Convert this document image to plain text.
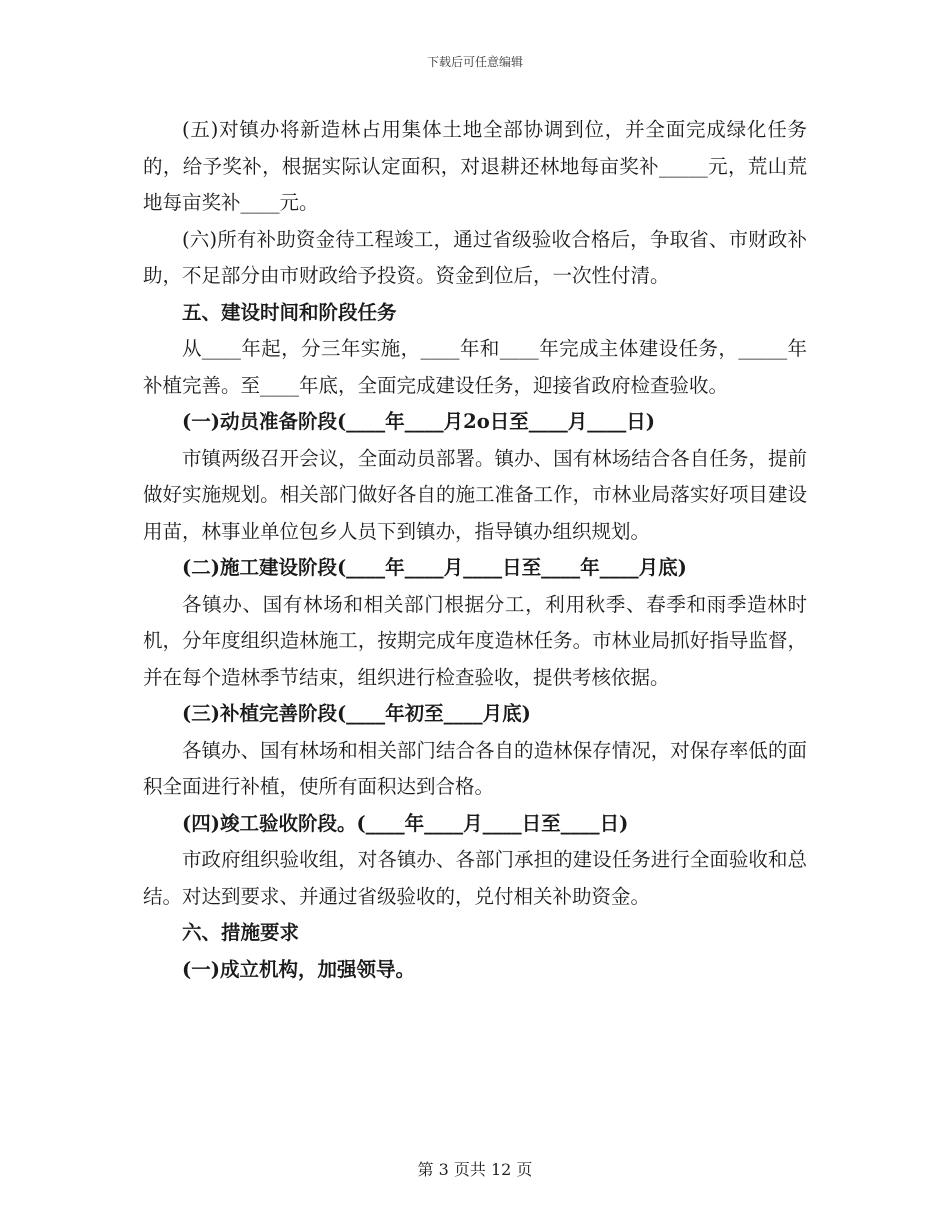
下载后可任意编辑

(五)对镇办将新造林占用集体土地全部协调到位，并全面完成绿化任务的，给予奖补，根据实际认定面积，对退耕还林地每亩奖补_____元，荒山荒地每亩奖补____元。

(六)所有补助资金待工程竣工，通过省级验收合格后，争取省、市财政补助，不足部分由市财政给予投资。资金到位后，一次性付清。

五、建设时间和阶段任务

从____年起，分三年实施，____年和____年完成主体建设任务，_____年补植完善。至____年底，全面完成建设任务，迎接省政府检查验收。

(一)动员准备阶段(____年____月2o日至____月____日)

市镇两级召开会议，全面动员部署。镇办、国有林场结合各自任务，提前做好实施规划。相关部门做好各自的施工准备工作，市林业局落实好项目建设用苗，林事业单位包乡人员下到镇办，指导镇办组织规划。

(二)施工建设阶段(____年____月____日至____年____月底)

各镇办、国有林场和相关部门根据分工，利用秋季、春季和雨季造林时机，分年度组织造林施工，按期完成年度造林任务。市林业局抓好指导监督，并在每个造林季节结束，组织进行检查验收，提供考核依据。

(三)补植完善阶段(____年初至____月底)

各镇办、国有林场和相关部门结合各自的造林保存情况，对保存率低的面积全面进行补植，使所有面积达到合格。

(四)竣工验收阶段。(____年____月____日至____日)

市政府组织验收组，对各镇办、各部门承担的建设任务进行全面验收和总结。对达到要求、并通过省级验收的，兑付相关补助资金。

六、措施要求

(一)成立机构，加强领导。

第 3 页共 12 页
